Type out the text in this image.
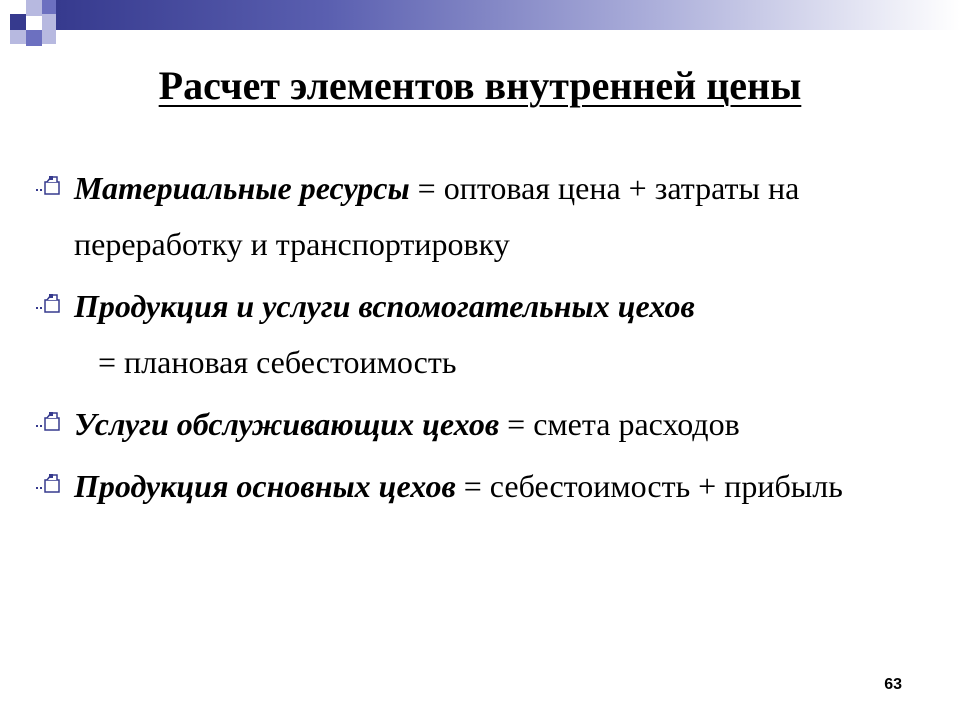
Расчет элементов внутренней цены
Материальные ресурсы = оптовая цена + затраты на переработку и транспортировку
Продукция и услуги вспомогательных цехов   = плановая себестоимость
Услуги обслуживающих цехов = смета расходов
Продукция основных цехов = себестоимость + прибыль
63
